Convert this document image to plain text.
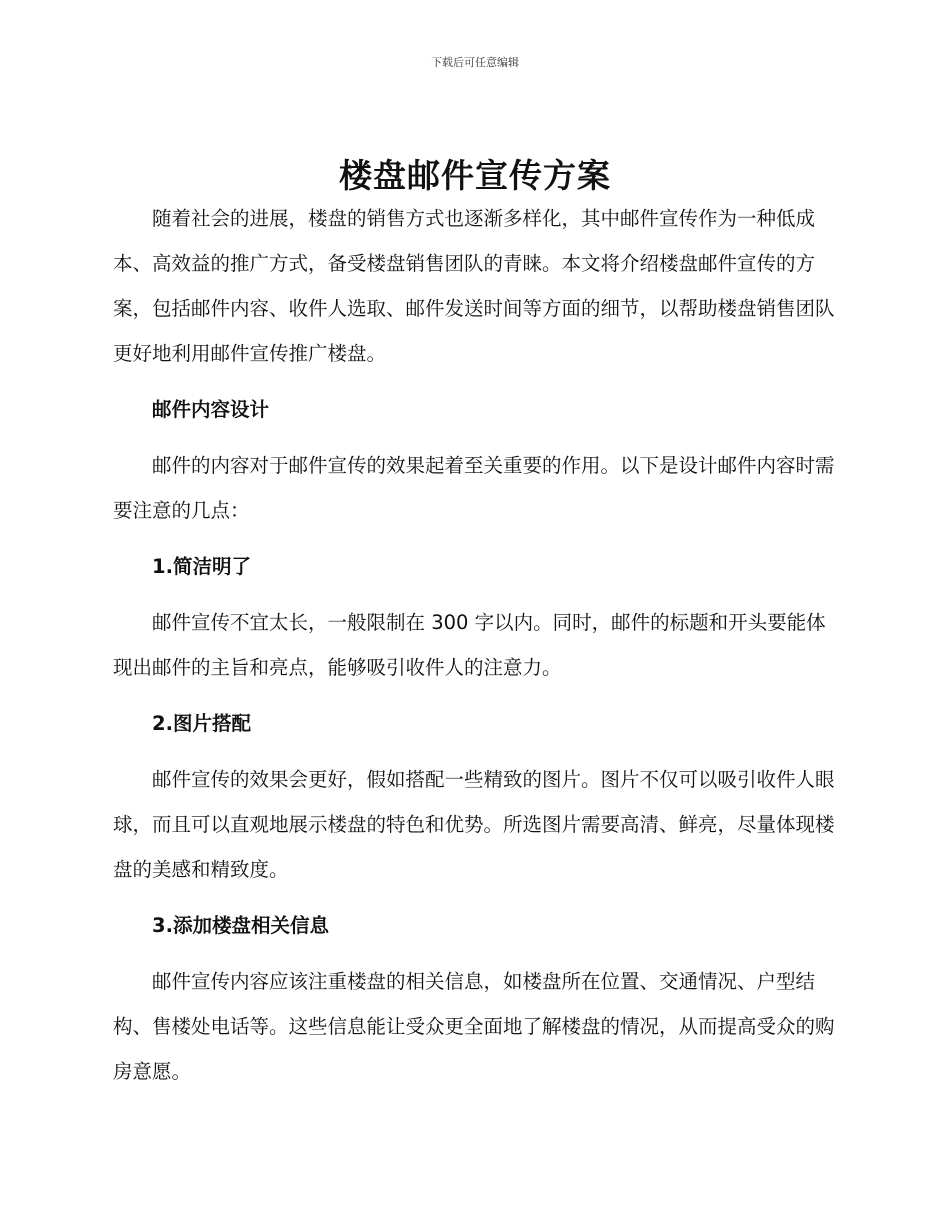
下载后可任意编辑
楼盘邮件宣传方案

随着社会的进展，楼盘的销售方式也逐渐多样化，其中邮件宣传作为一种低成本、高效益的推广方式，备受楼盘销售团队的青睐。本文将介绍楼盘邮件宣传的方案，包括邮件内容、收件人选取、邮件发送时间等方面的细节，以帮助楼盘销售团队更好地利用邮件宣传推广楼盘。

邮件内容设计

邮件的内容对于邮件宣传的效果起着至关重要的作用。以下是设计邮件内容时需要注意的几点：

1.简洁明了

邮件宣传不宜太长，一般限制在 300 字以内。同时，邮件的标题和开头要能体现出邮件的主旨和亮点，能够吸引收件人的注意力。

2.图片搭配

邮件宣传的效果会更好，假如搭配一些精致的图片。图片不仅可以吸引收件人眼球，而且可以直观地展示楼盘的特色和优势。所选图片需要高清、鲜亮，尽量体现楼盘的美感和精致度。

3.添加楼盘相关信息

邮件宣传内容应该注重楼盘的相关信息，如楼盘所在位置、交通情况、户型结构、售楼处电话等。这些信息能让受众更全面地了解楼盘的情况，从而提高受众的购房意愿。
